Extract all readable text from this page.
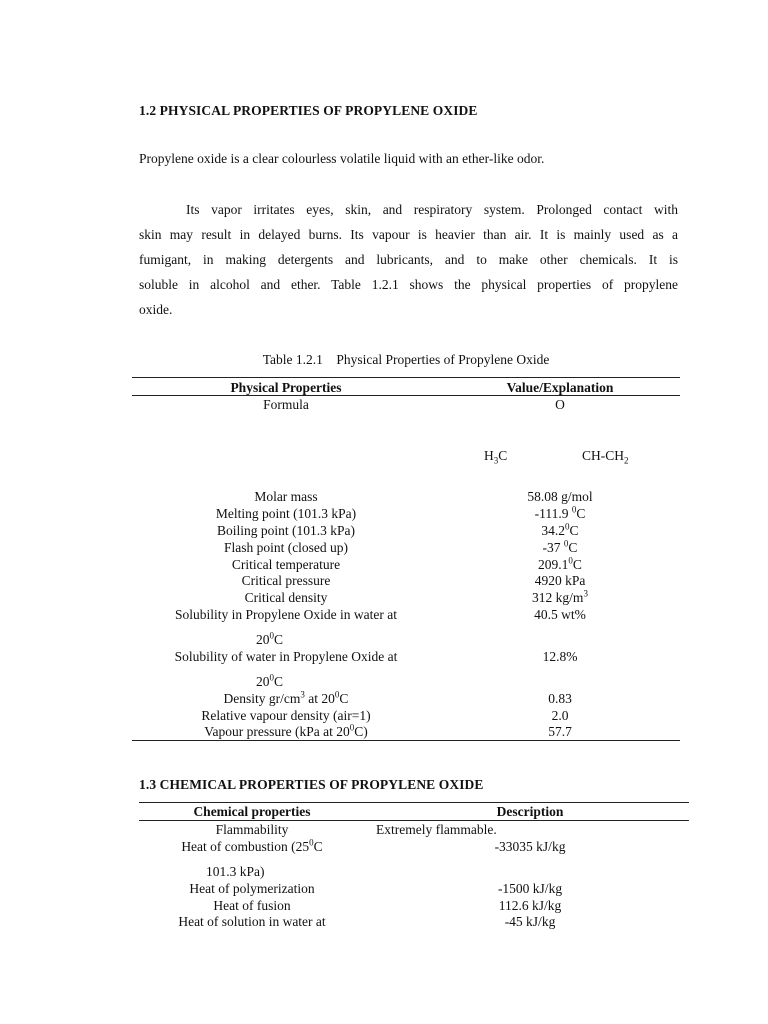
1.2 PHYSICAL PROPERTIES OF PROPYLENE OXIDE
Propylene oxide is a clear colourless volatile liquid with an ether-like odor.
Its vapor irritates eyes, skin, and respiratory system. Prolonged contact with
skin may result in delayed burns. Its vapour is heavier than air. It is mainly used as a
fumigant, in making detergents and lubricants, and to make other chemicals. It is
soluble in alcohol and ether. Table 1.2.1 shows the physical properties of propylene
oxide.
Table 1.2.1    Physical Properties of Propylene Oxide
Physical Properties	Value/Explanation
Formula	O
$H_3C$	$CH-CH_2$
Molar mass	58.08 g/mol
Melting point (101.3 kPa)	-111.9 $^0$C
Boiling point (101.3 kPa)	34.2$^0$C
Flash point (closed up)	-37 $^0$C
Critical temperature	209.1$^0$C
Critical pressure	4920 kPa
Critical density	312 $kg/m^3$
Solubility in Propylene Oxide in water at	40.5 wt%
$20^0C$
Solubility of water in Propylene Oxide at	12.8%
$20^0C$
Density $gr/cm^3$ at $20^0C$	0.83
Relative vapour density (air=1)	2.0
Vapour pressure (kPa at $20^0C$)	57.7
1.3 CHEMICAL PROPERTIES OF PROPYLENE OXIDE
Chemical properties	Description
Flammability	Extremely flammable.
Heat of combustion ($25^0C$	-33035 kJ/kg
101.3 kPa)
Heat of polymerization	-1500 kJ/kg
Heat of fusion	112.6 kJ/kg
Heat of solution in water at	-45 kJ/kg
